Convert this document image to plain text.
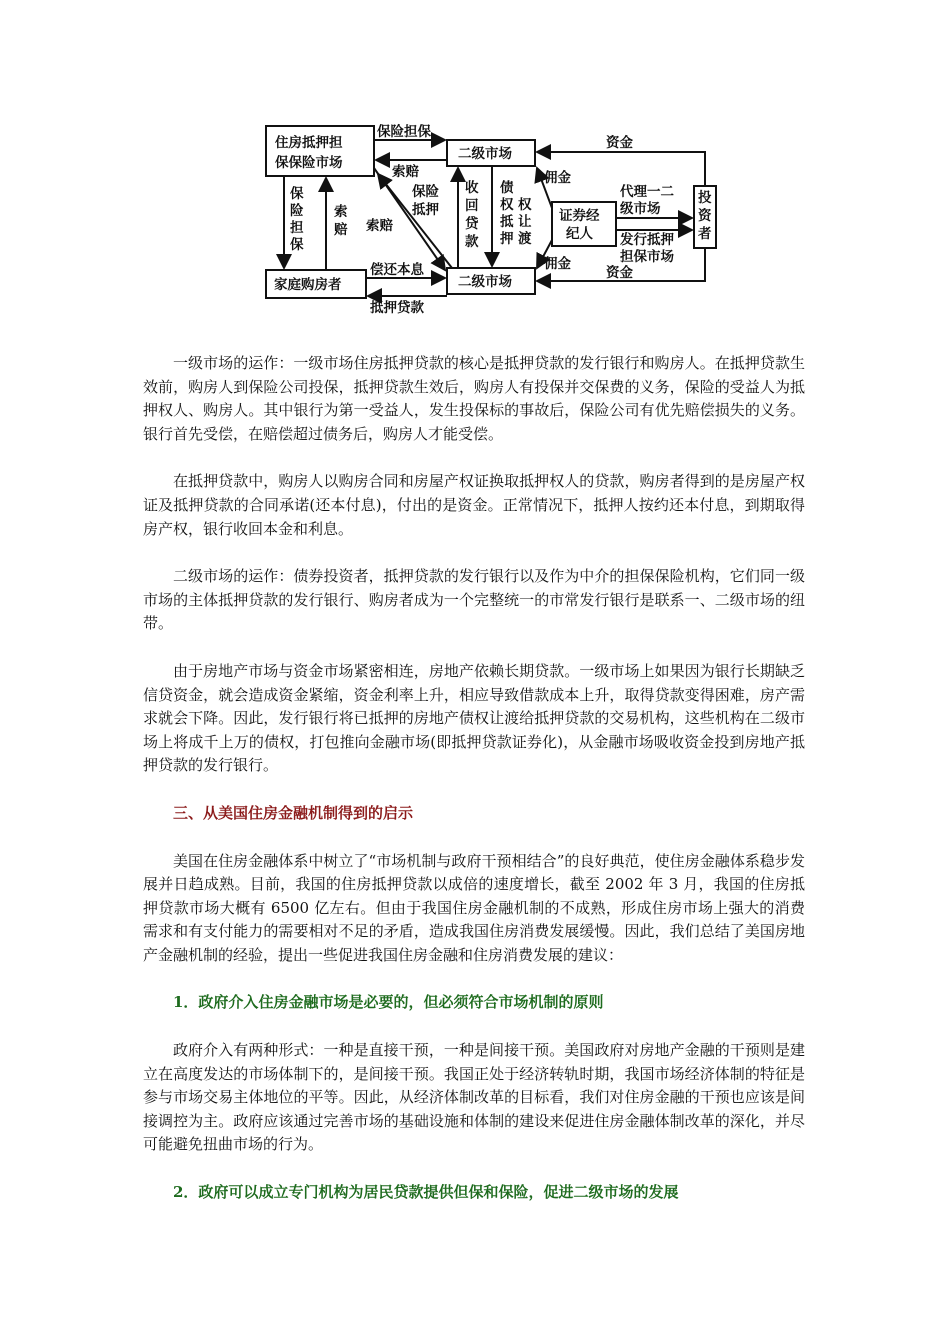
住房抵押担
保保险市场
家庭购房者
二级市场
二级市场
证券经
纪人
投
资
者
保险担保
索赔
保
险
担
保
索
赔 索赔
保险
抵押
收
回
贷
款
债
权
抵
押
权
让
渡
佣金
佣金
代理一二
级市场
发行抵押
担保市场
资金
资金
偿还本息
抵押贷款

一级市场的运作：一级市场住房抵押贷款的核心是抵押贷款的发行银行和购房人。在抵押贷款生效前，购房人到保险公司投保，抵押贷款生效后，购房人有投保并交保费的义务，保险的受益人为抵押权人、购房人。其中银行为第一受益人，发生投保标的事故后，保险公司有优先赔偿损失的义务。银行首先受偿，在赔偿超过债务后，购房人才能受偿。

在抵押贷款中，购房人以购房合同和房屋产权证换取抵押权人的贷款，购房者得到的是房屋产权证及抵押贷款的合同承诺(还本付息)，付出的是资金。正常情况下，抵押人按约还本付息，到期取得房产权，银行收回本金和利息。

二级市场的运作：债券投资者，抵押贷款的发行银行以及作为中介的担保保险机构，它们同一级市场的主体抵押贷款的发行银行、购房者成为一个完整统一的市常发行银行是联系一、二级市场的纽带。

由于房地产市场与资金市场紧密相连，房地产依赖长期贷款。一级市场上如果因为银行长期缺乏信贷资金，就会造成资金紧缩，资金利率上升，相应导致借款成本上升，取得贷款变得困难，房产需求就会下降。因此，发行银行将已抵押的房地产债权让渡给抵押贷款的交易机构，这些机构在二级市场上将成千上万的债权，打包推向金融市场(即抵押贷款证券化)，从金融市场吸收资金投到房地产抵押贷款的发行银行。

三、从美国住房金融机制得到的启示

美国在住房金融体系中树立了“市场机制与政府干预相结合”的良好典范，使住房金融体系稳步发展并日趋成熟。目前，我国的住房抵押贷款以成倍的速度增长，截至 2002 年 3 月，我国的住房抵押贷款市场大概有 6500 亿左右。但由于我国住房金融机制的不成熟，形成住房市场上强大的消费需求和有支付能力的需要相对不足的矛盾，造成我国住房消费发展缓慢。因此，我们总结了美国房地产金融机制的经验，提出一些促进我国住房金融和住房消费发展的建议：

1．政府介入住房金融市场是必要的，但必须符合市场机制的原则

政府介入有两种形式：一种是直接干预，一种是间接干预。美国政府对房地产金融的干预则是建立在高度发达的市场体制下的，是间接干预。我国正处于经济转轨时期，我国市场经济体制的特征是参与市场交易主体地位的平等。因此，从经济体制改革的目标看，我们对住房金融的干预也应该是间接调控为主。政府应该通过完善市场的基础设施和体制的建设来促进住房金融体制改革的深化，并尽可能避免扭曲市场的行为。

2．政府可以成立专门机构为居民贷款提供但保和保险，促进二级市场的发展
